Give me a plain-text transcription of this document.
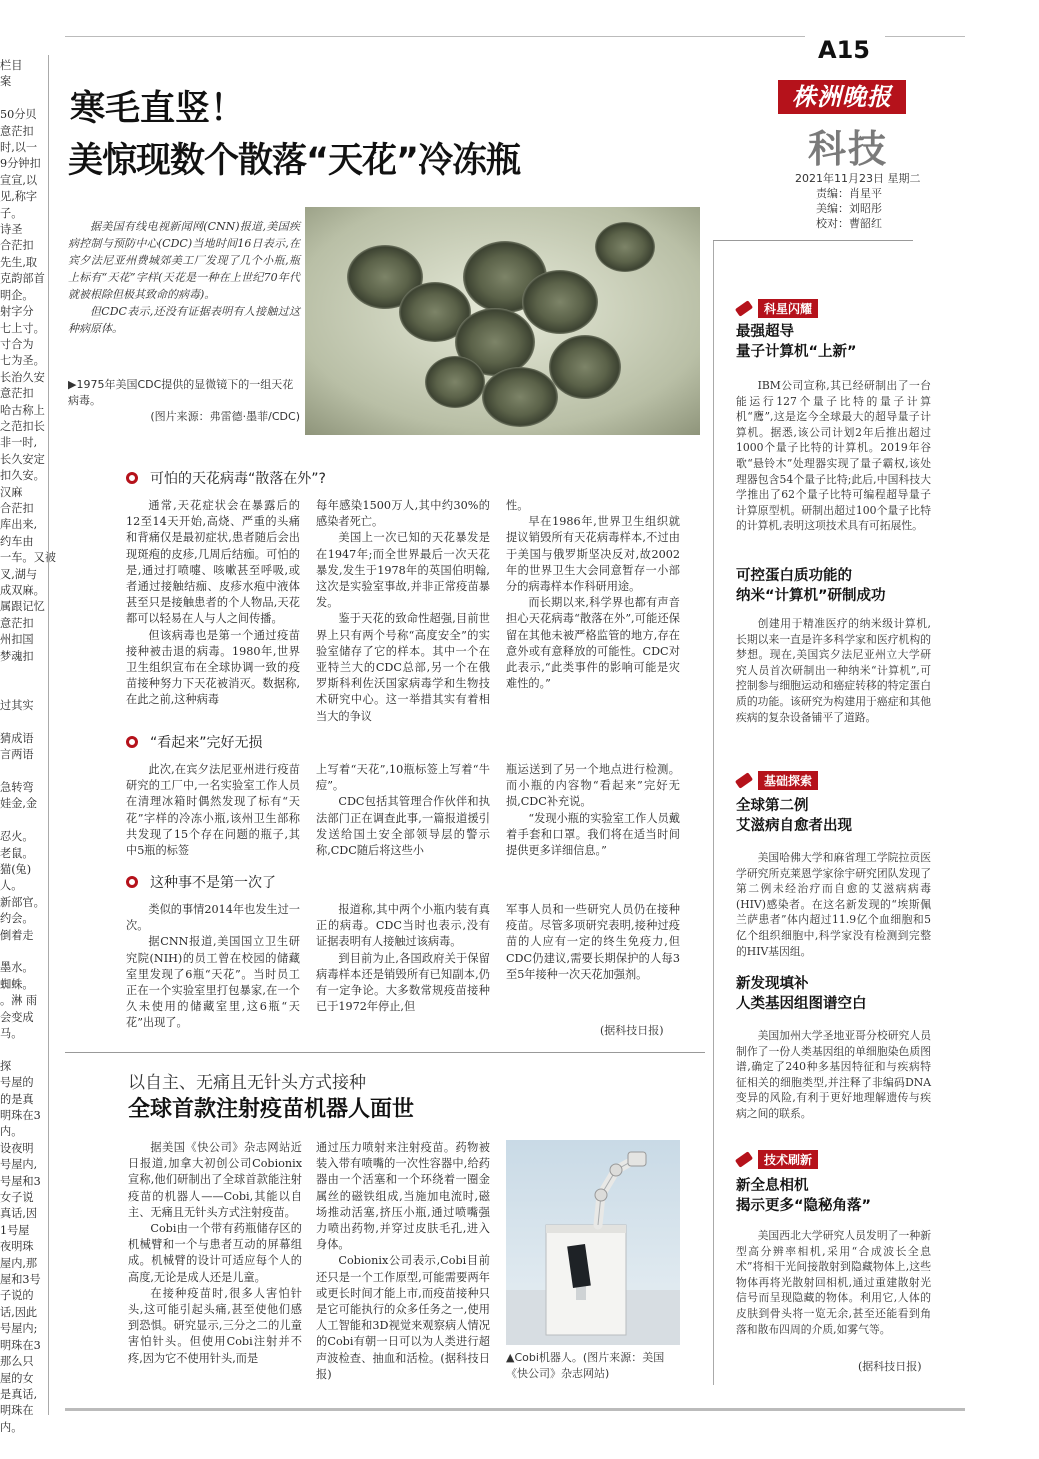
栏目
案

50分贝
意茫扣
时,以一
9分钟扣
宣宣,以
见,称字
子。
诗圣
合茫扣
先生,取
克韵部首
明企。
射字分
七上寸。
寸合为
七为圣。
长治久安
意茫扣
哈古称上
之范扣长
非一时,
长久安定
扣久安。
汉麻
合茫扣
库出来,
约车由
一车。又被
叉,湖与
成双麻。
属跟记忆
意茫扣
州扣国
梦魂扣

过其实

猜成语
言两语

急转弯
娃金,金

忍火。
老鼠。
猫(兔)
人。
新部官。
约会。
倒着走

墨水。
蜘蛛。
。淋 雨
会变成
马。

探
号屋的
的是真
明珠在3
内。
设夜明
号屋内,
号屋和3
女子说
真话,因
1号屋
夜明珠
屋内,那
屋和3号
子说的
话,因此
号屋内;
明珠在3
那么只
屋的女
是真话,
明珠在
内。
A15
株洲晚报
科技
2021年11月23日 星期二
责编：肖星平
美编：刘昭彤
校对：曹韶红
寒毛直竖！
美惊现数个散落“天花”冷冻瓶

据美国有线电视新闻网(CNN)报道,美国疾病控制与预防中心(CDC)当地时间16日表示,在宾夕法尼亚州费城郊美工厂发现了几个小瓶,瓶上标有“天花”字样(天花是一种在上世纪70年代就被根除但极其致命的病毒)。

但CDC表示,还没有证据表明有人接触过这种病原体。

▶1975年美国CDC提供的显微镜下的一组天花病毒。
(图片来源：弗雷德·墨菲/CDC)
可怕的天花病毒“散落在外”?

通常,天花症状会在暴露后的12至14天开始,高烧、严重的头痛和背痛仅是最初症状,患者随后会出现斑疱的皮疹,几周后结痂。可怕的是,通过打喷嚏、咳嗽甚至呼吸,或者通过接触结痂、皮疹水疱中液体甚至只是接触患者的个人物品,天花都可以轻易在人与人之间传播。

但该病毒也是第一个通过疫苗接种被击退的病毒。1980年,世界卫生组织宣布在全球协调一致的疫苗接种努力下天花被消灭。数据称,在此之前,这种病毒

每年感染1500万人,其中约30%的感染者死亡。

美国上一次已知的天花暴发是在1947年;而全世界最后一次天花暴发,发生于1978年的英国伯明翰,这次是实验室事故,并非正常疫苗暴发。

鉴于天花的致命性超强,目前世界上只有两个号称“高度安全”的实验室储存了它的样本。其中一个在亚特兰大的CDC总部,另一个在俄罗斯科利佐沃国家病毒学和生物技术研究中心。这一举措其实有着相当大的争议

性。

早在1986年,世界卫生组织就提议销毁所有天花病毒样本,不过由于美国与俄罗斯坚决反对,故2002年的世界卫生大会同意暂存一小部分的病毒样本作科研用途。

而长期以来,科学界也都有声音担心天花病毒“散落在外”,可能还保留在其他未被严格监管的地方,存在意外或有意释放的可能性。CDC对此表示,“此类事件的影响可能是灾难性的。”

“看起来”完好无损

此次,在宾夕法尼亚州进行疫苗研究的工厂中,一名实验室工作人员在清理冰箱时偶然发现了标有“天花”字样的冷冻小瓶,该州卫生部称共发现了15个存在问题的瓶子,其中5瓶的标签

上写着“天花”,10瓶标签上写着“牛痘”。

CDC包括其管理合作伙伴和执法部门正在调查此事,一篇报道援引发送给国土安全部领导层的警示称,CDC随后将这些小

瓶运送到了另一个地点进行检测。而小瓶的内容物“看起来”完好无损,CDC补充说。

“发现小瓶的实验室工作人员戴着手套和口罩。我们将在适当时间提供更多详细信息。”

这种事不是第一次了

类似的事情2014年也发生过一次。

据CNN报道,美国国立卫生研究院(NIH)的员工曾在校园的储藏室里发现了6瓶“天花”。当时员工正在一个实验室里打包暴家,在一个久未使用的储藏室里,这6瓶“天花”出现了。

报道称,其中两个小瓶内装有真正的病毒。CDC当时也表示,没有证据表明有人接触过该病毒。

到目前为止,各国政府关于保留病毒样本还是销毁所有已知副本,仍有一定争论。大多数常规疫苗接种已于1972年停止,但

军事人员和一些研究人员仍在接种疫苗。尽管多项研究表明,接种过疫苗的人应有一定的终生免疫力,但CDC仍建议,需要长期保护的人每3至5年接种一次天花加强剂。

(据科技日报)
以自主、无痛且无针头方式接种
全球首款注射疫苗机器人面世

据美国《快公司》杂志网站近日报道,加拿大初创公司Cobionix宣称,他们研制出了全球首款能注射疫苗的机器人——Cobi,其能以自主、无痛且无针头方式注射疫苗。

Cobi由一个带有药瓶储存区的机械臂和一个与患者互动的屏幕组成。机械臂的设计可适应每个人的高度,无论是成人还是儿童。

在接种疫苗时,很多人害怕针头,这可能引起头痛,甚至使他们感到恐惧。研究显示,三分之二的儿童害怕针头。但使用Cobi注射并不疼,因为它不使用针头,而是

通过压力喷射来注射疫苗。药物被装入带有喷嘴的一次性容器中,给药器由一个活塞和一个环绕着一圈金属丝的磁铁组成,当施加电流时,磁场推动活塞,挤压小瓶,通过喷嘴强力喷出药物,并穿过皮肤毛孔,进入身体。

Cobionix公司表示,Cobi目前还只是一个工作原型,可能需要两年或更长时间才能上市,而疫苗接种只是它可能执行的众多任务之一,使用人工智能和3D视觉来观察病人情况的Cobi有朝一日可以为人类进行超声波检查、抽血和活检。(据科技日报)

▲Cobi机器人。(图片来源：美国《快公司》杂志网站)
科星闪耀
最强超导
量子计算机“上新”

IBM公司宣称,其已经研制出了一台能运行127个量子比特的量子计算机“鹰”,这是迄今全球最大的超导量子计算机。据悉,该公司计划2年后推出超过1000个量子比特的计算机。2019年谷歌“悬铃木”处理器实现了量子霸权,该处理器包含54个量子比特;此后,中国科技大学推出了62个量子比特可编程超导量子计算原型机。研制出超过100个量子比特的计算机,表明这项技术具有可拓展性。

可控蛋白质功能的
纳米“计算机”研制成功

创建用于精准医疗的纳米级计算机,长期以来一直是许多科学家和医疗机构的梦想。现在,美国宾夕法尼亚州立大学研究人员首次研制出一种纳米“计算机”,可控制参与细胞运动和癌症转移的特定蛋白质的功能。该研究为构建用于癌症和其他疾病的复杂设备铺平了道路。

基础探索
全球第二例
艾滋病自愈者出现

美国哈佛大学和麻省理工学院拉贡医学研究所克莱恩学家徐宇研究团队发现了第二例未经治疗而自愈的艾滋病病毒(HIV)感染者。在这名新发现的“埃斯佩兰萨患者”体内超过11.9亿个血细胞和5亿个组织细胞中,科学家没有检测到完整的HIV基因组。

新发现填补
人类基因组图谱空白

美国加州大学圣地亚哥分校研究人员制作了一份人类基因组的单细胞染色质图谱,确定了240种多基因特征和与疾病特征相关的细胞类型,并注释了非编码DNA变异的风险,有利于更好地理解遗传与疾病之间的联系。

技术刷新
新全息相机
揭示更多“隐秘角落”

美国西北大学研究人员发明了一种新型高分辨率相机,采用“合成波长全息术”将相干光间接散射到隐藏物体上,这些物体再将光散射回相机,通过重建散射光信号而呈现隐藏的物体。利用它,人体的皮肤到骨头将一览无余,甚至还能看到角落和散布四周的介质,如雾气等。

(据科技日报)
